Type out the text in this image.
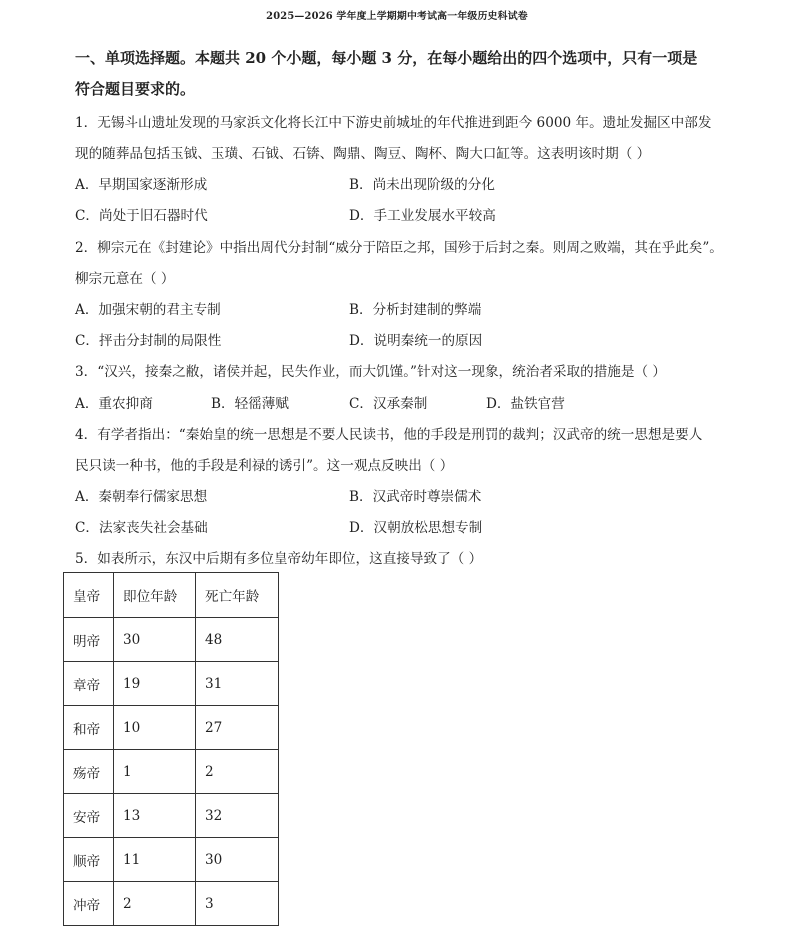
2025—2026 学年度上学期期中考试高一年级历史科试卷
一、单项选择题。本题共 20 个小题，每小题 3 分，在每小题给出的四个选项中，只有一项是
符合题目要求的。
1．无锡斗山遗址发现的马家浜文化将长江中下游史前城址的年代推进到距今 6000 年。遗址发掘区中部发
现的随葬品包括玉钺、玉璜、石钺、石锛、陶鼎、陶豆、陶杯、陶大口缸等。这表明该时期（ ）
A．早期国家逐渐形成	B．尚未出现阶级的分化
C．尚处于旧石器时代	D．手工业发展水平较高
2．柳宗元在《封建论》中指出周代分封制“威分于陪臣之邦，国殄于后封之秦。则周之败端，其在乎此矣”。
柳宗元意在（ ）
A．加强宋朝的君主专制	B．分析封建制的弊端
C．抨击分封制的局限性	D．说明秦统一的原因
3．“汉兴，接秦之敝，诸侯并起，民失作业，而大饥馑。”针对这一现象，统治者采取的措施是（ ）
A．重农抑商	B．轻徭薄赋	C．汉承秦制	D．盐铁官营
4．有学者指出：“秦始皇的统一思想是不要人民读书，他的手段是刑罚的裁判；汉武帝的统一思想是要人
民只读一种书，他的手段是利禄的诱引”。这一观点反映出（ ）
A．秦朝奉行儒家思想	B．汉武帝时尊崇儒术
C．法家丧失社会基础	D．汉朝放松思想专制
5．如表所示，东汉中后期有多位皇帝幼年即位，这直接导致了（ ）
皇帝	即位年龄	死亡年龄
明帝	30	48
章帝	19	31
和帝	10	27
殇帝	1	2
安帝	13	32
顺帝	11	30
冲帝	2	3
